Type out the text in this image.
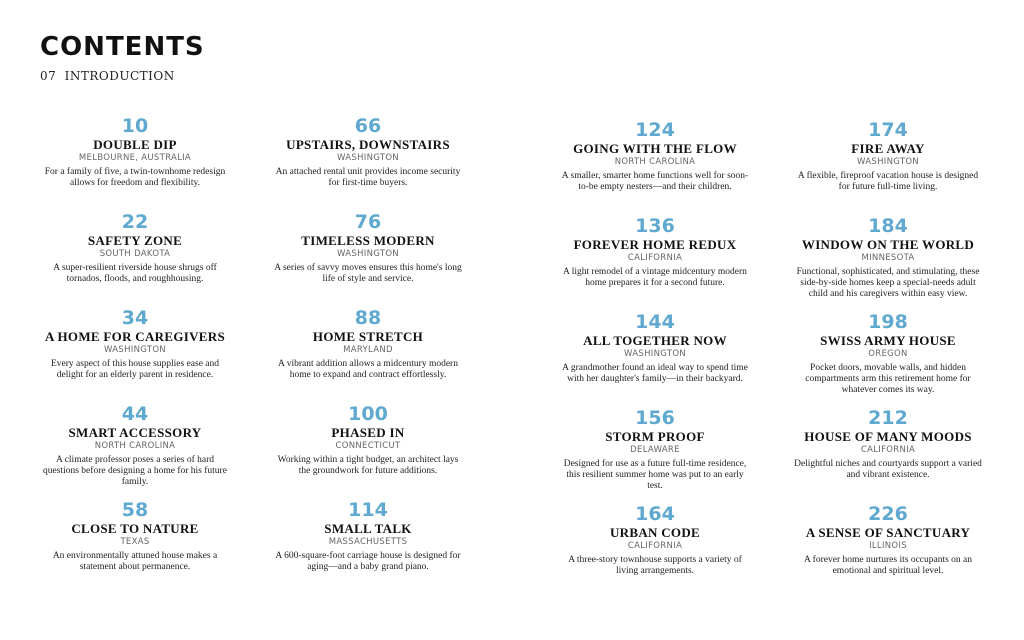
CONTENTS
07 INTRODUCTION
10
DOUBLE DIP
MELBOURNE, AUSTRALIA
For a family of five, a twin-townhome redesign allows for freedom and flexibility.
22
SAFETY ZONE
SOUTH DAKOTA
A super-resilient riverside house shrugs off tornados, floods, and roughhousing.
34
A HOME FOR CAREGIVERS
WASHINGTON
Every aspect of this house supplies ease and delight for an elderly parent in residence.
44
SMART ACCESSORY
NORTH CAROLINA
A climate professor poses a series of hard questions before designing a home for his future family.
58
CLOSE TO NATURE
TEXAS
An environmentally attuned house makes a statement about permanence.
66
UPSTAIRS, DOWNSTAIRS
WASHINGTON
An attached rental unit provides income security for first-time buyers.
76
TIMELESS MODERN
WASHINGTON
A series of savvy moves ensures this home's long life of style and service.
88
HOME STRETCH
MARYLAND
A vibrant addition allows a midcentury modern home to expand and contract effortlessly.
100
PHASED IN
CONNECTICUT
Working within a tight budget, an architect lays the groundwork for future additions.
114
SMALL TALK
MASSACHUSETTS
A 600-square-foot carriage house is designed for aging—and a baby grand piano.
124
GOING WITH THE FLOW
NORTH CAROLINA
A smaller, smarter home functions well for soon-to-be empty nesters—and their children.
136
FOREVER HOME REDUX
CALIFORNIA
A light remodel of a vintage midcentury modern home prepares it for a second future.
144
ALL TOGETHER NOW
WASHINGTON
A grandmother found an ideal way to spend time with her daughter's family—in their backyard.
156
STORM PROOF
DELAWARE
Designed for use as a future full-time residence, this resilient summer home was put to an early test.
164
URBAN CODE
CALIFORNIA
A three-story townhouse supports a variety of living arrangements.
174
FIRE AWAY
WASHINGTON
A flexible, fireproof vacation house is designed for future full-time living.
184
WINDOW ON THE WORLD
MINNESOTA
Functional, sophisticated, and stimulating, these side-by-side homes keep a special-needs adult child and his caregivers within easy view.
198
SWISS ARMY HOUSE
OREGON
Pocket doors, movable walls, and hidden compartments arm this retirement home for whatever comes its way.
212
HOUSE OF MANY MOODS
CALIFORNIA
Delightful niches and courtyards support a varied and vibrant existence.
226
A SENSE OF SANCTUARY
ILLINOIS
A forever home nurtures its occupants on an emotional and spiritual level.
